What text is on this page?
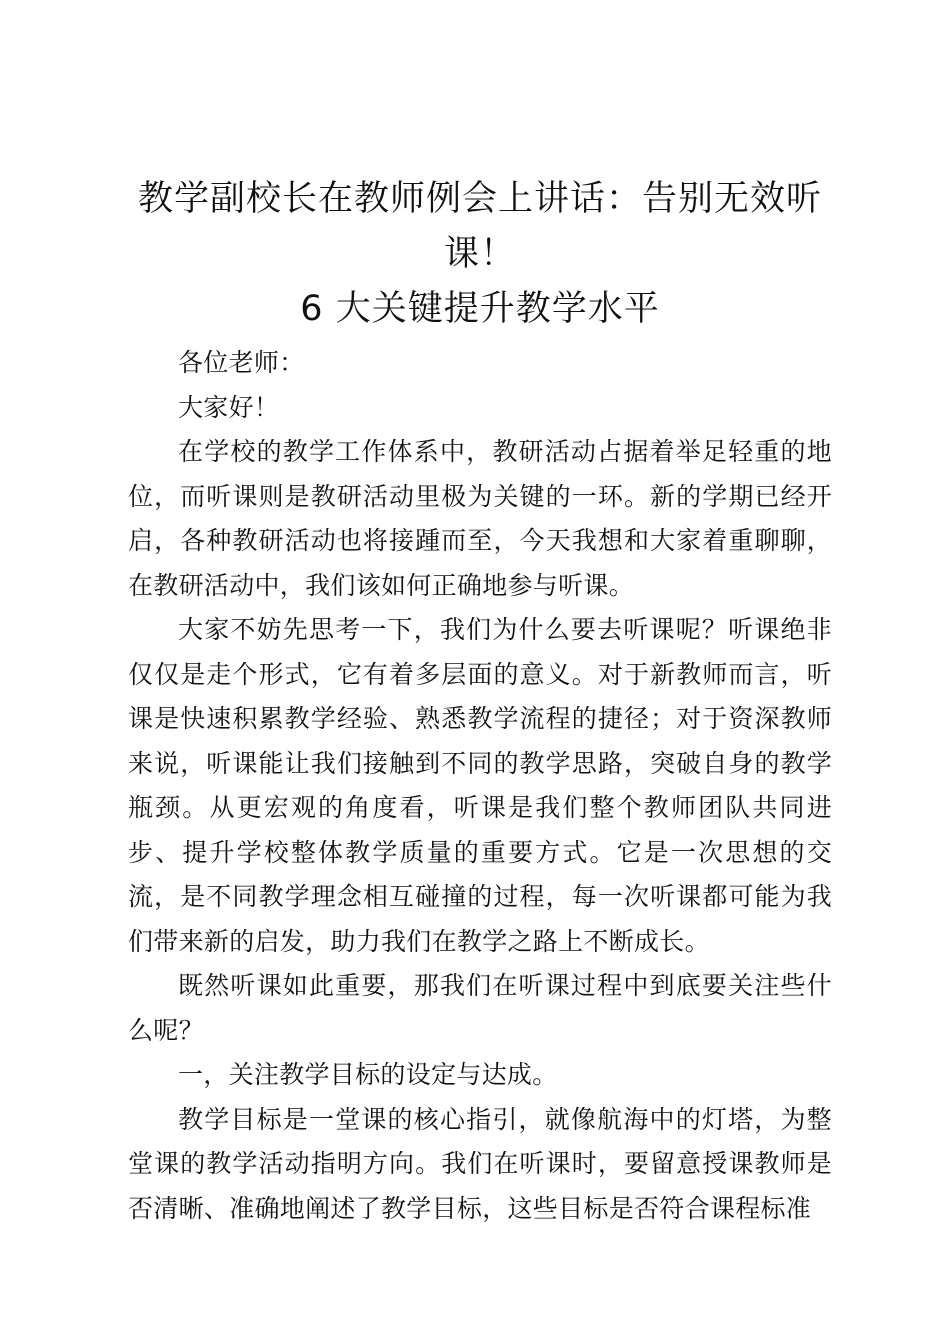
教学副校长在教师例会上讲话：告别无效听课！
6 大关键提升教学水平

各位老师：

大家好！

在学校的教学工作体系中，教研活动占据着举足轻重的地位，而听课则是教研活动里极为关键的一环。新的学期已经开启，各种教研活动也将接踵而至，今天我想和大家着重聊聊，在教研活动中，我们该如何正确地参与听课。

大家不妨先思考一下，我们为什么要去听课呢？听课绝非仅仅是走个形式，它有着多层面的意义。对于新教师而言，听课是快速积累教学经验、熟悉教学流程的捷径；对于资深教师来说，听课能让我们接触到不同的教学思路，突破自身的教学瓶颈。从更宏观的角度看，听课是我们整个教师团队共同进步、提升学校整体教学质量的重要方式。它是一次思想的交流，是不同教学理念相互碰撞的过程，每一次听课都可能为我们带来新的启发，助力我们在教学之路上不断成长。

既然听课如此重要，那我们在听课过程中到底要关注些什么呢？

一，关注教学目标的设定与达成。

教学目标是一堂课的核心指引，就像航海中的灯塔，为整堂课的教学活动指明方向。我们在听课时，要留意授课教师是否清晰、准确地阐述了教学目标，这些目标是否符合课程标准
